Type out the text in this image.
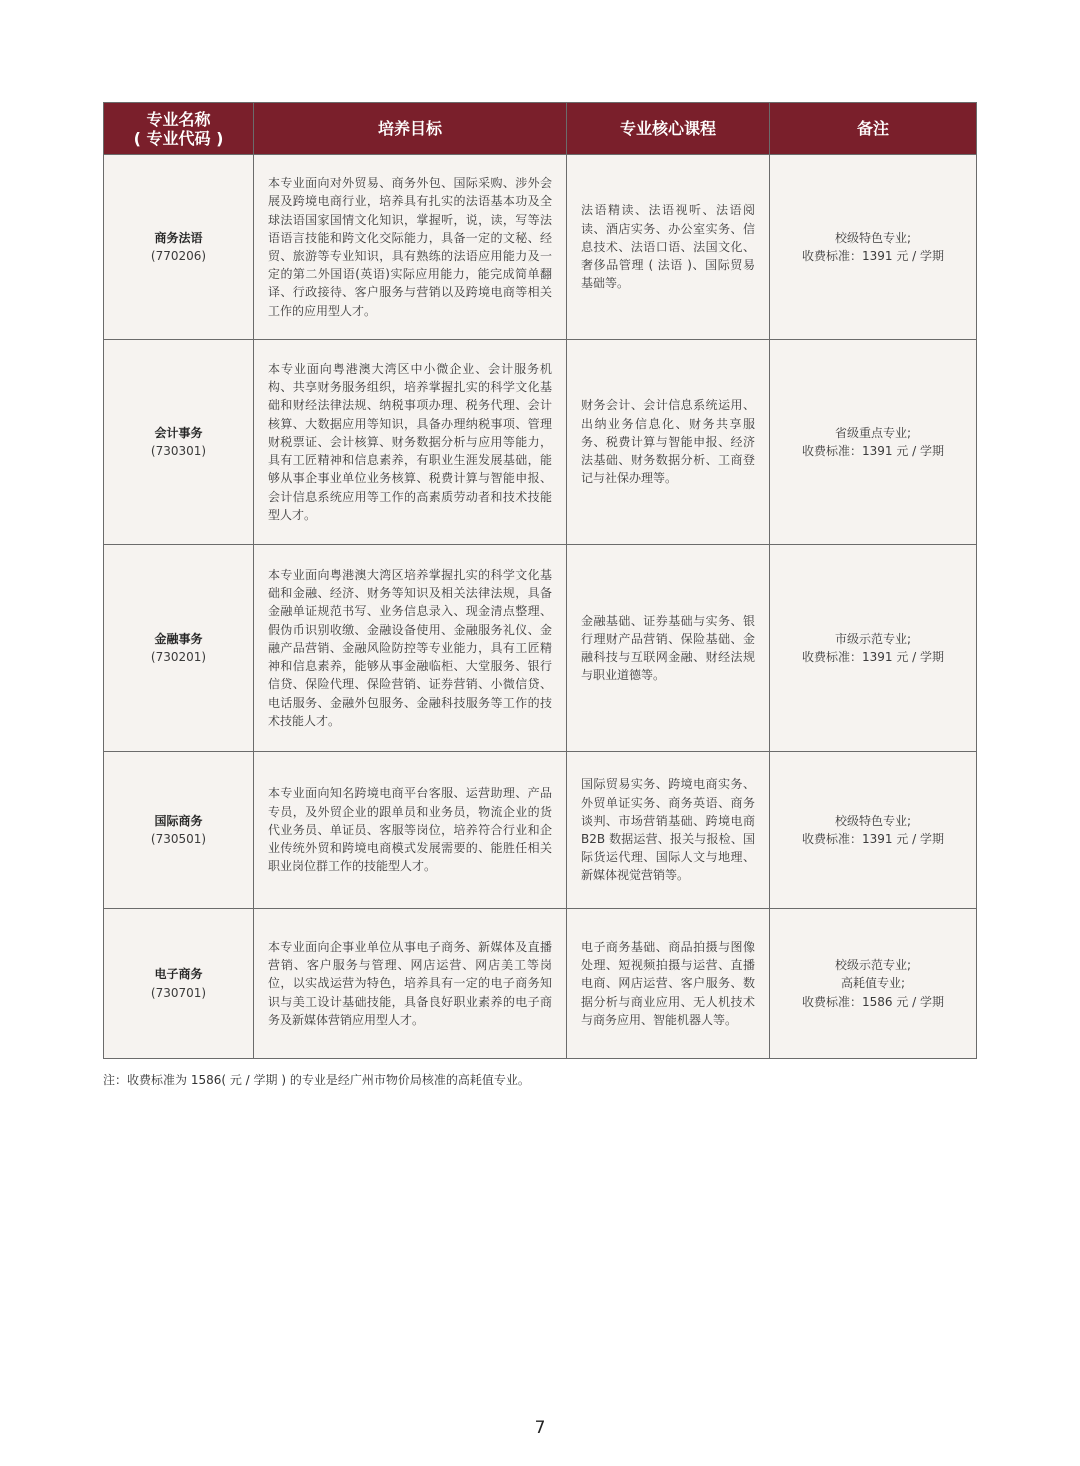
专业名称
( 专业代码 )	培养目标	专业核心课程	备注

商务法语
(770206)	本专业面向对外贸易、商务外包、国际采购、涉外会展及跨境电商行业，培养具有扎实的法语基本功及全球法语国家国情文化知识，掌握听，说，读，写等法语语言技能和跨文化交际能力，具备一定的文秘、经贸、旅游等专业知识，具有熟练的法语应用能力及一定的第二外国语(英语)实际应用能力，能完成简单翻译、行政接待、客户服务与营销以及跨境电商等相关工作的应用型人才。	法语精读、法语视听、法语阅读、酒店实务、办公室实务、信息技术、法语口语、法国文化、奢侈品管理 ( 法语 )、国际贸易基础等。	校级特色专业;
收费标准：1391 元 / 学期

会计事务
(730301)	本专业面向粤港澳大湾区中小微企业、会计服务机构、共享财务服务组织，培养掌握扎实的科学文化基础和财经法律法规、纳税事项办理、税务代理、会计核算、大数据应用等知识，具备办理纳税事项、管理财税票证、会计核算、财务数据分析与应用等能力，具有工匠精神和信息素养，有职业生涯发展基础，能够从事企事业单位业务核算、税费计算与智能申报、会计信息系统应用等工作的高素质劳动者和技术技能型人才。	财务会计、会计信息系统运用、出纳业务信息化、财务共享服务、税费计算与智能申报、经济法基础、财务数据分析、工商登记与社保办理等。	省级重点专业;
收费标准：1391 元 / 学期

金融事务
(730201)	本专业面向粤港澳大湾区培养掌握扎实的科学文化基础和金融、经济、财务等知识及相关法律法规，具备金融单证规范书写、业务信息录入、现金清点整理、假伪币识别收缴、金融设备使用、金融服务礼仪、金融产品营销、金融风险防控等专业能力，具有工匠精神和信息素养，能够从事金融临柜、大堂服务、银行信贷、保险代理、保险营销、证券营销、小微信贷、电话服务、金融外包服务、金融科技服务等工作的技术技能人才。	金融基础、证券基础与实务、银行理财产品营销、保险基础、金融科技与互联网金融、财经法规与职业道德等。	市级示范专业;
收费标准：1391 元 / 学期

国际商务
(730501)	本专业面向知名跨境电商平台客服、运营助理、产品专员，及外贸企业的跟单员和业务员，物流企业的货代业务员、单证员、客服等岗位，培养符合行业和企业传统外贸和跨境电商模式发展需要的、能胜任相关职业岗位群工作的技能型人才。	国际贸易实务、跨境电商实务、外贸单证实务、商务英语、商务谈判、市场营销基础、跨境电商 B2B 数据运营、报关与报检、国际货运代理、国际人文与地理、新媒体视觉营销等。	校级特色专业;
收费标准：1391 元 / 学期

电子商务
(730701)	本专业面向企事业单位从事电子商务、新媒体及直播营销、客户服务与管理、网店运营、网店美工等岗位，以实战运营为特色，培养具有一定的电子商务知识与美工设计基础技能，具备良好职业素养的电子商务及新媒体营销应用型人才。	电子商务基础、商品拍摄与图像处理、短视频拍摄与运营、直播电商、网店运营、客户服务、数据分析与商业应用、无人机技术与商务应用、智能机器人等。	校级示范专业;
高耗值专业;
收费标准：1586 元 / 学期
注：收费标准为 1586( 元 / 学期 ) 的专业是经广州市物价局核准的高耗值专业。
7
